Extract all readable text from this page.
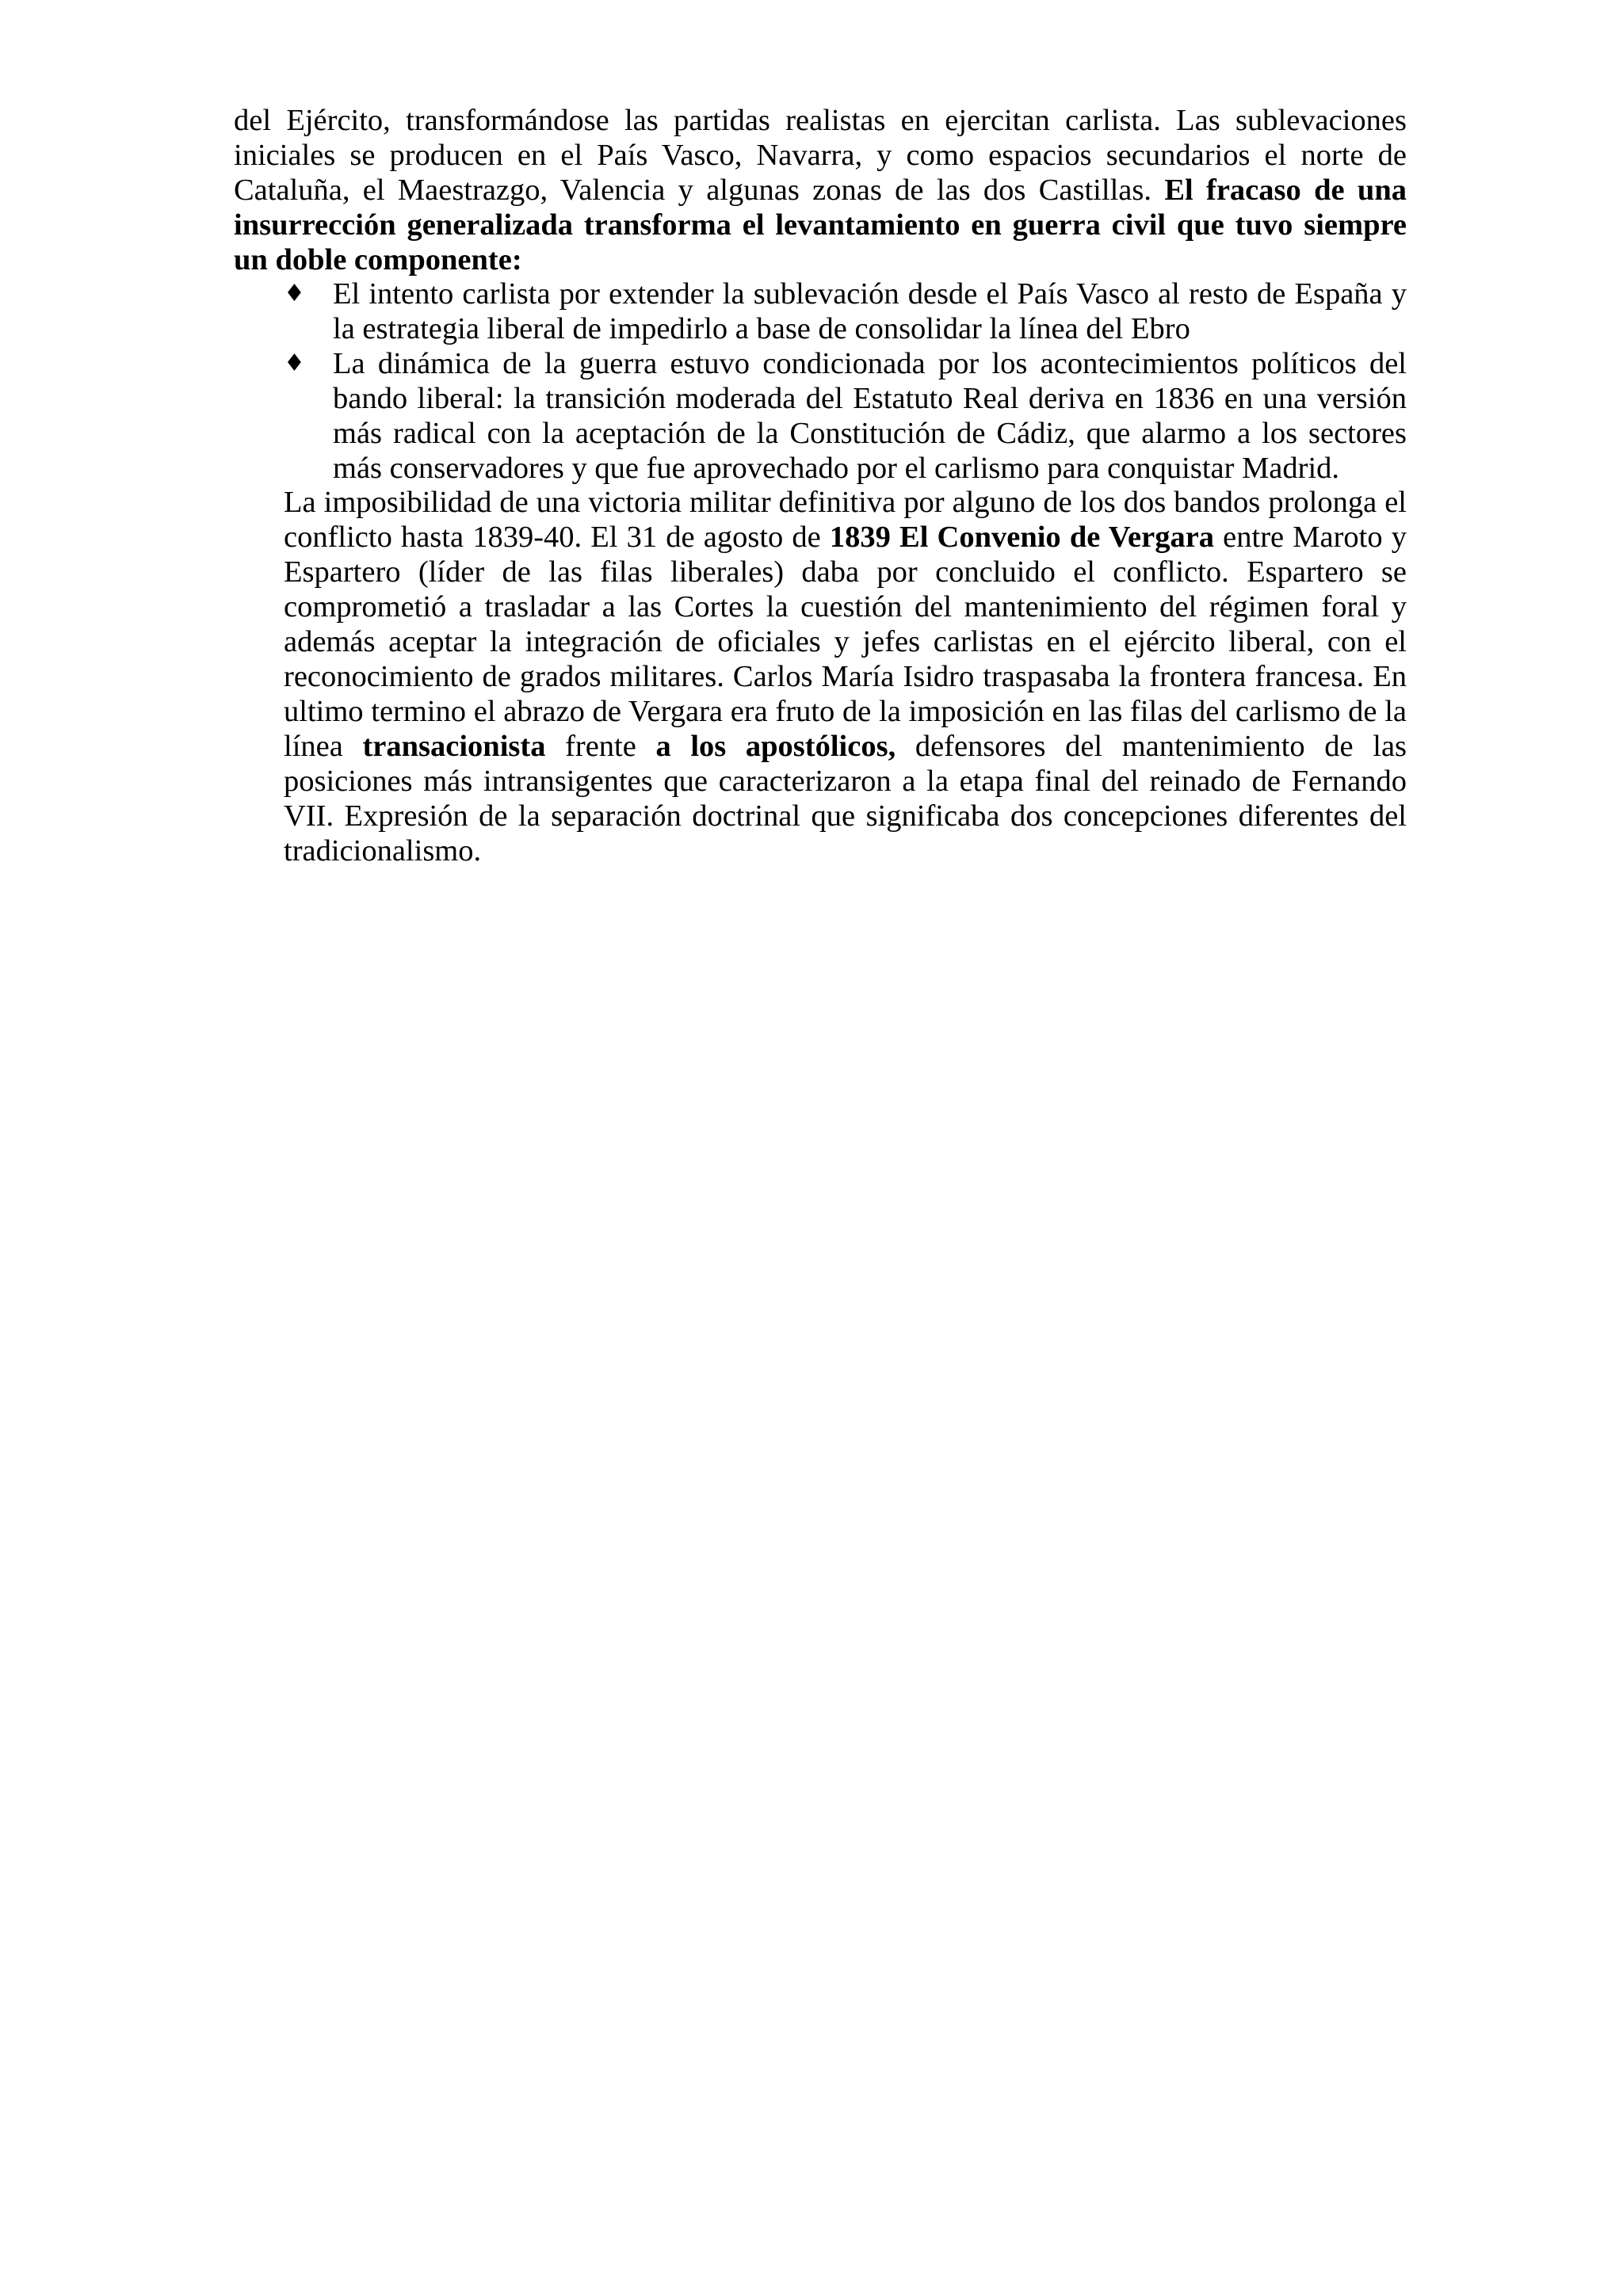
del Ejército, transformándose las partidas realistas en ejercitan carlista. Las sublevaciones
iniciales se producen en el País Vasco, Navarra, y como espacios secundarios el norte de
Cataluña, el Maestrazgo, Valencia y algunas zonas de las dos Castillas. El fracaso de una
insurrección generalizada transforma el levantamiento en guerra civil que tuvo siempre
un doble componente:
♦ El intento carlista por extender la sublevación desde el País Vasco al resto de España y
la estrategia liberal de impedirlo a base de consolidar la línea del Ebro
♦ La dinámica de la guerra estuvo condicionada por los acontecimientos políticos del
bando liberal: la transición moderada del Estatuto Real deriva en 1836 en una versión
más radical con la aceptación de la Constitución de Cádiz, que alarmo a los sectores
más conservadores y que fue aprovechado por el carlismo para conquistar Madrid.
La imposibilidad de una victoria militar definitiva por alguno de los dos bandos prolonga el
conflicto hasta 1839-40. El 31 de agosto de 1839 El Convenio de Vergara entre Maroto y
Espartero (líder de las filas liberales) daba por concluido el conflicto. Espartero se
comprometió a trasladar a las Cortes la cuestión del mantenimiento del régimen foral y
además aceptar la integración de oficiales y jefes carlistas en el ejército liberal, con el
reconocimiento de grados militares. Carlos María Isidro traspasaba la frontera francesa. En
ultimo termino el abrazo de Vergara era fruto de la imposición en las filas del carlismo de la
línea transacionista frente a los apostólicos, defensores del mantenimiento de las
posiciones más intransigentes que caracterizaron a la etapa final del reinado de Fernando
VII. Expresión de la separación doctrinal que significaba dos concepciones diferentes del
tradicionalismo.
